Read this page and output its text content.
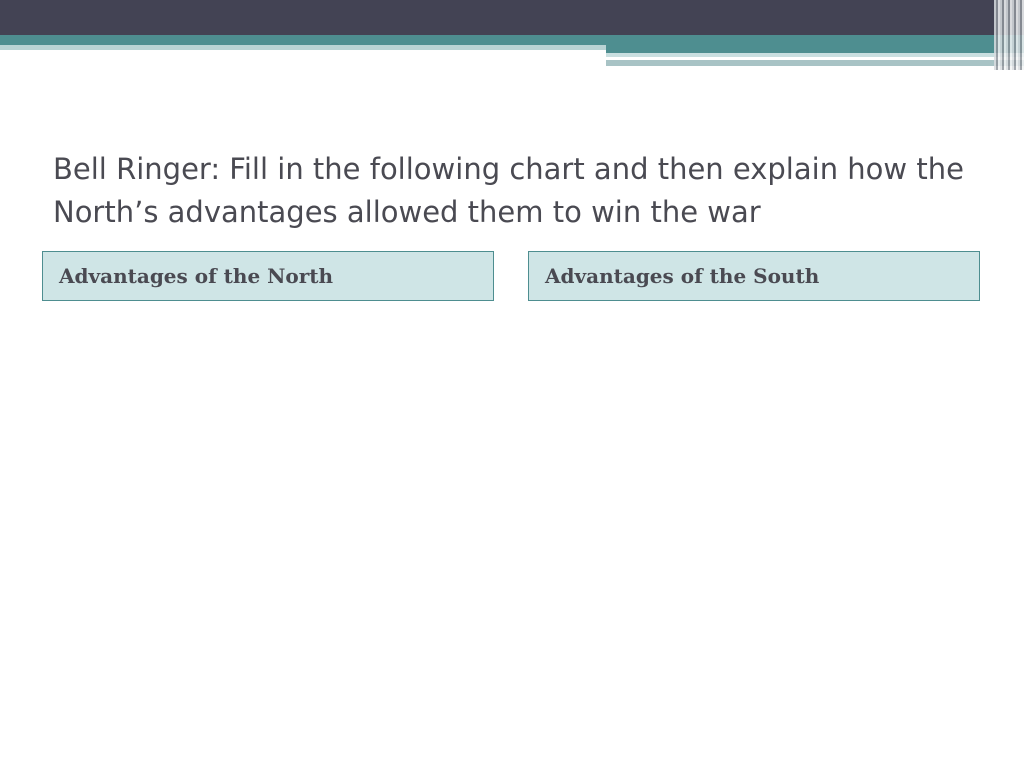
Bell Ringer: Fill in the following chart and then explain how the North’s advantages allowed them to win the war
Advantages of the North	Advantages of the South
